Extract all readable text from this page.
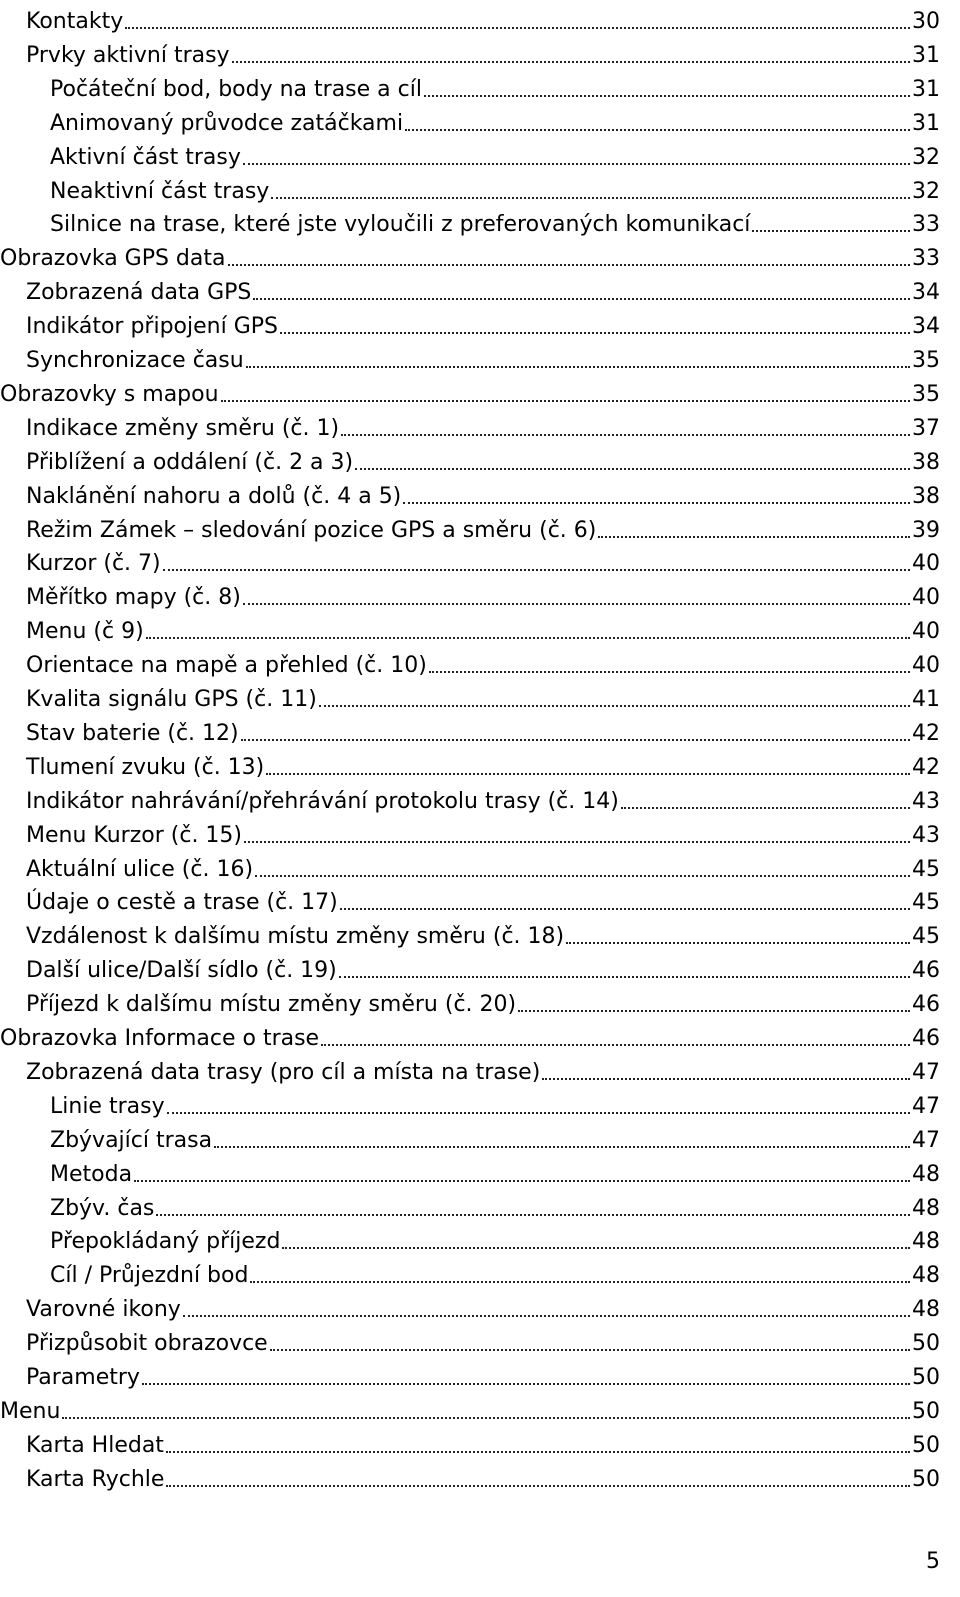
Kontakty	30
Prvky aktivní trasy	31
Počáteční bod, body na trase a cíl	31
Animovaný průvodce zatáčkami	31
Aktivní část trasy	32
Neaktivní část trasy	32
Silnice na trase, které jste vyloučili z preferovaných komunikací	33
Obrazovka GPS data	33
Zobrazená data GPS	34
Indikátor připojení GPS	34
Synchronizace času	35
Obrazovky s mapou	35
Indikace změny směru (č. 1)	37
Přiblížení a oddálení (č. 2 a 3)	38
Naklánění nahoru a dolů (č. 4 a 5)	38
Režim Zámek – sledování pozice GPS a směru (č. 6)	39
Kurzor (č. 7)	40
Měřítko mapy (č. 8)	40
Menu (č 9)	40
Orientace na mapě a přehled (č. 10)	40
Kvalita signálu GPS (č. 11)	41
Stav baterie (č. 12)	42
Tlumení zvuku (č. 13)	42
Indikátor nahrávání/přehrávání protokolu trasy (č. 14)	43
Menu Kurzor (č. 15)	43
Aktuální ulice (č. 16)	45
Údaje o cestě a trase (č. 17)	45
Vzdálenost k dalšímu místu změny směru (č. 18)	45
Další ulice/Další sídlo (č. 19)	46
Příjezd k dalšímu místu změny směru (č. 20)	46
Obrazovka Informace o trase	46
Zobrazená data trasy (pro cíl a místa na trase)	47
Linie trasy	47
Zbývající trasa	47
Metoda	48
Zbýv. čas	48
Přepokládaný příjezd	48
Cíl / Průjezdní bod	48
Varovné ikony	48
Přizpůsobit obrazovce	50
Parametry	50
Menu	50
Karta Hledat	50
Karta Rychle	50
5
